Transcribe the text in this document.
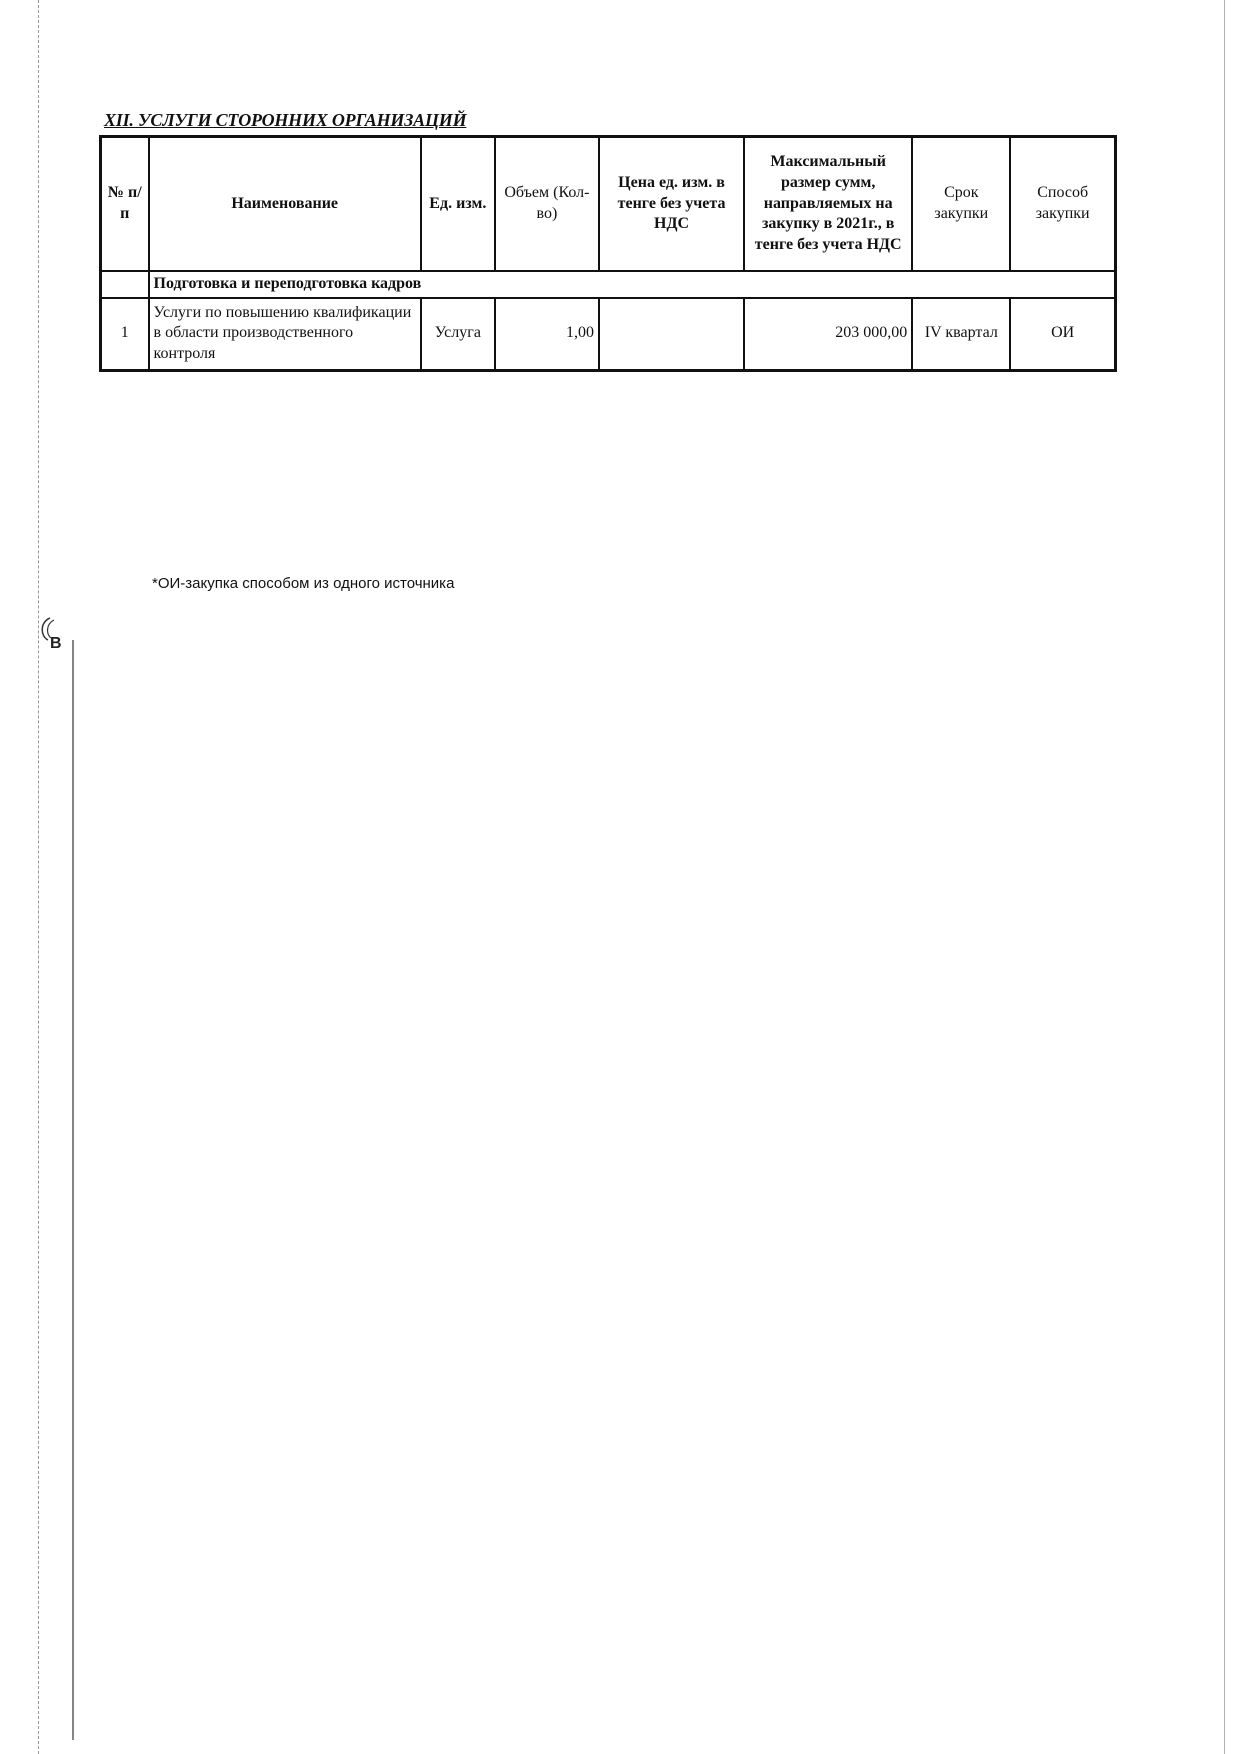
В
XII. УСЛУГИ СТОРОННИХ ОРГАНИЗАЦИЙ
№ п/п	Наименование	Ед. изм.	Объем (Кол-во)	Цена ед. изм. в тенге без учета НДС	Максимальный размер сумм, направляемых на закупку в 2021г., в тенге без учета НДС	Срок закупки	Способ закупки
	Подготовка и переподготовка кадров						
1	Услуги по повышению квалификации в области производственного контроля	Услуга	1,00		203 000,00	IV квартал	ОИ

*ОИ-закупка способом из одного источника
